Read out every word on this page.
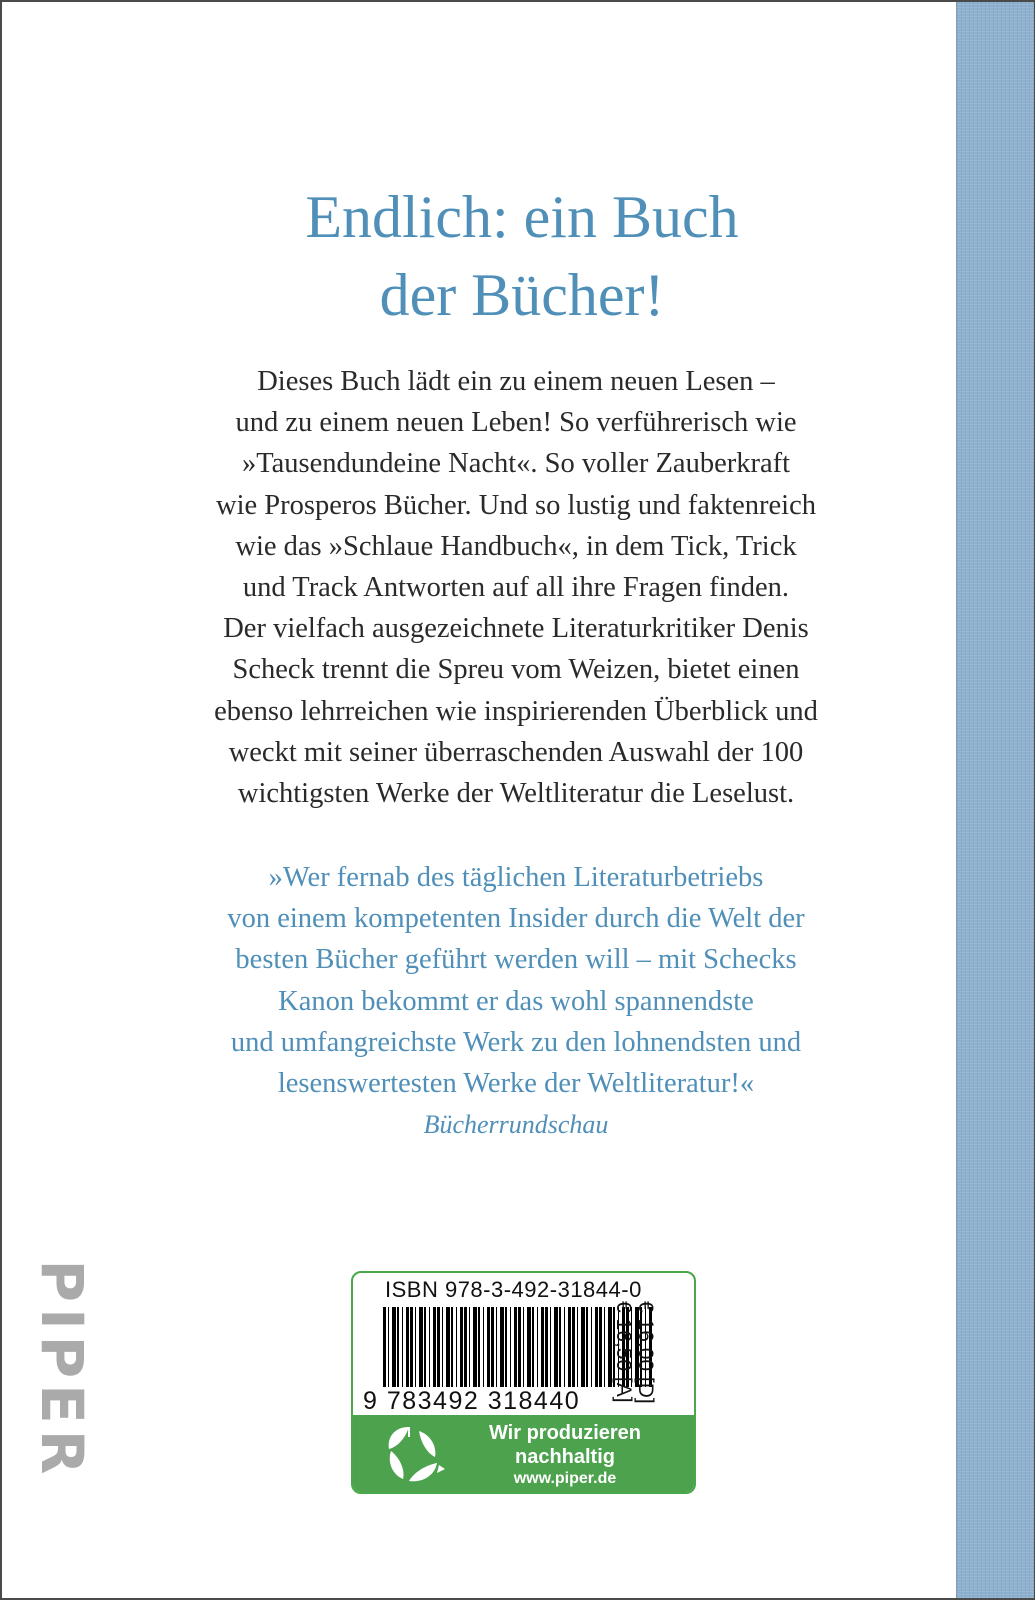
Endlich: ein Buch
der Bücher!
Dieses Buch lädt ein zu einem neuen Lesen –
und zu einem neuen Leben! So verführerisch wie
»Tausendundeine Nacht«. So voller Zauberkraft
wie Prosperos Bücher. Und so lustig und faktenreich
wie das »Schlaue Handbuch«, in dem Tick, Trick
und Track Antworten auf all ihre Fragen finden.
Der vielfach ausgezeichnete Literaturkritiker Denis
Scheck trennt die Spreu vom Weizen, bietet einen
ebenso lehrreichen wie inspirierenden Überblick und
weckt mit seiner überraschenden Auswahl der 100
wichtigsten Werke der Weltliteratur die Leselust.
»Wer fernab des täglichen Literaturbetriebs
von einem kompetenten Insider durch die Welt der
besten Bücher geführt werden will – mit Schecks
Kanon bekommt er das wohl spannendste
und umfangreichste Werk zu den lohnendsten und
lesenswertesten Werke der Weltliteratur!«
Bücherrundschau
PIPER	ISBN 978-3-492-31844-0
9 783492 318440	€ 16,00 [D]
€ 16,50 [A]
Wir produzieren
nachhaltig
www.piper.de
